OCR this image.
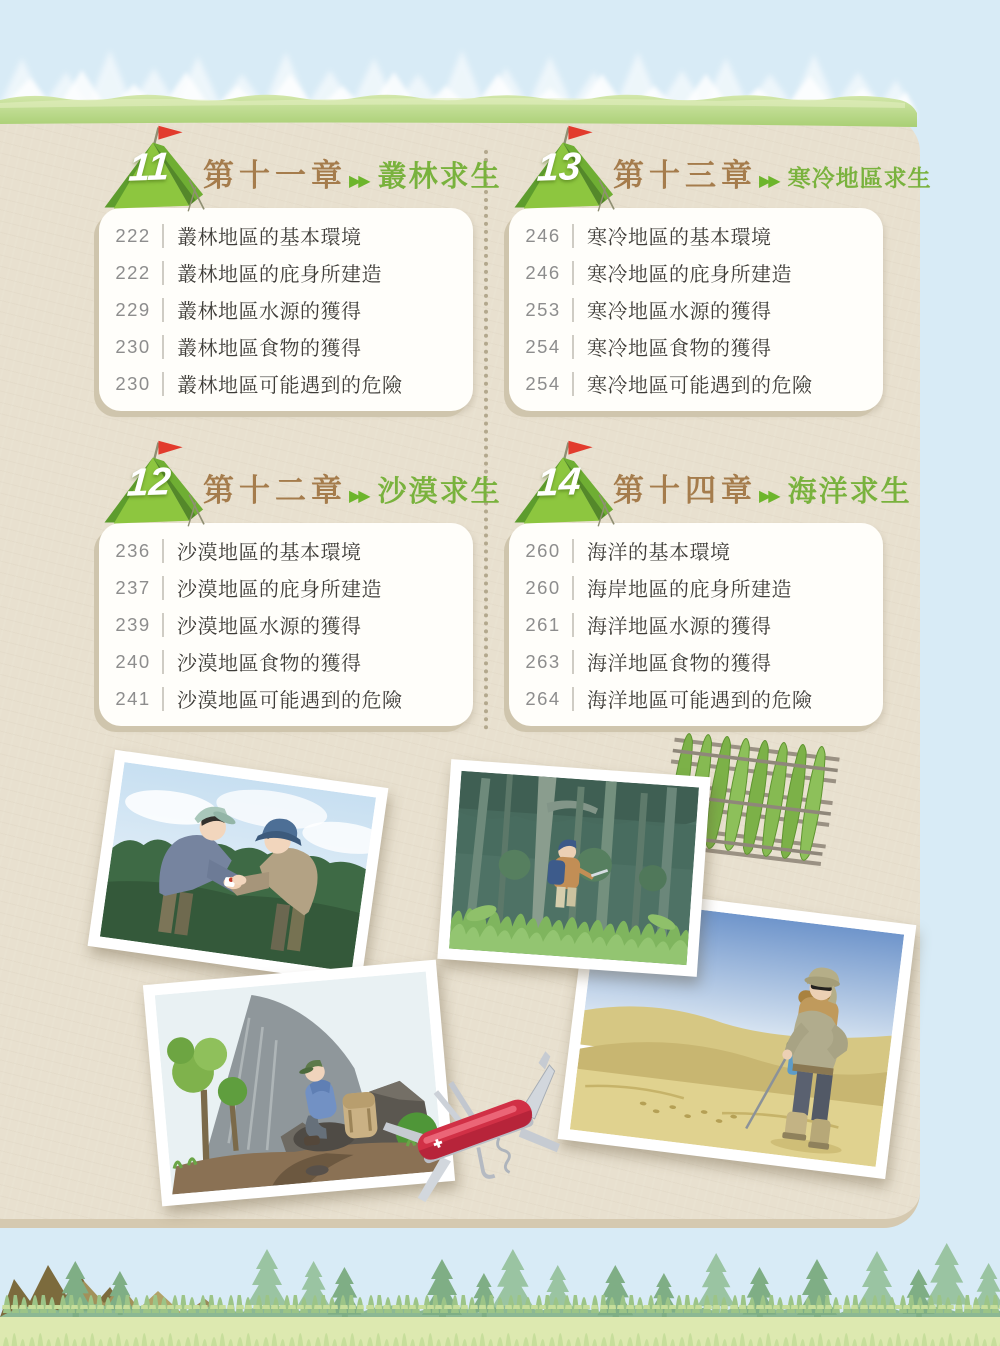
11	第十一章 ▶▶ 叢林求生
222	叢林地區的基本環境
222	叢林地區的庇身所建造
229	叢林地區水源的獲得
230	叢林地區食物的獲得
230	叢林地區可能遇到的危險
13 第十三章 ▶▶ 寒冷地區求生
246	寒冷地區的基本環境
246	寒冷地區的庇身所建造
253	寒冷地區水源的獲得
254	寒冷地區食物的獲得
254	寒冷地區可能遇到的危險
12 第十二章 ▶▶ 沙漠求生
236	沙漠地區的基本環境
237	沙漠地區的庇身所建造
239	沙漠地區水源的獲得
240	沙漠地區食物的獲得
241	沙漠地區可能遇到的危險
14 第十四章 ▶▶ 海洋求生
260	海洋的基本環境
260	海岸地區的庇身所建造
261	海洋地區水源的獲得
263	海洋地區食物的獲得
264	海洋地區可能遇到的危險
